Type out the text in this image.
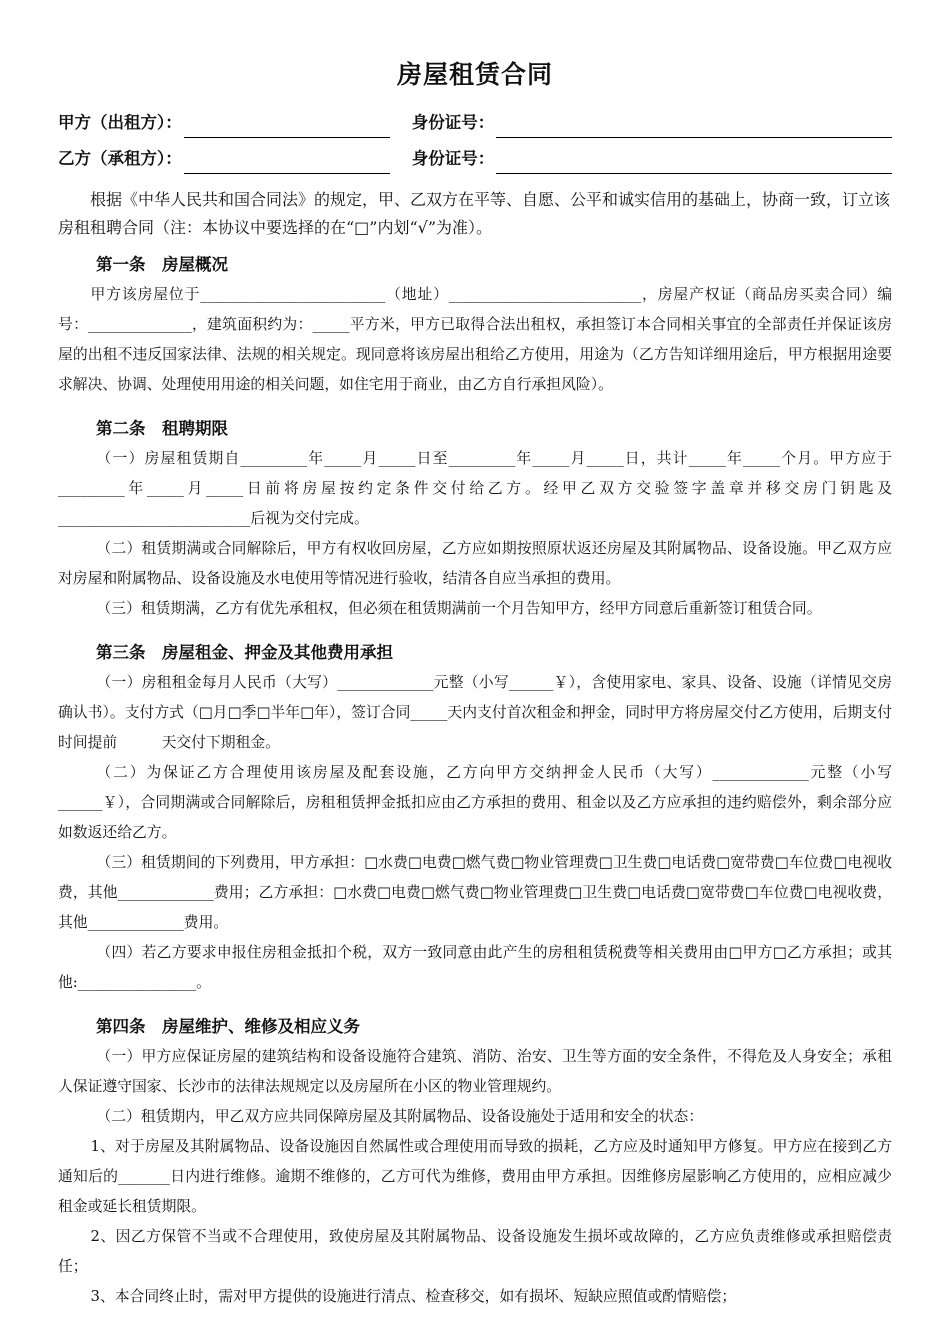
房屋租赁合同
甲方（出租方）：	身份证号：
乙方（承租方）：	身份证号：

根据《中华人民共和国合同法》的规定，甲、乙双方在平等、自愿、公平和诚实信用的基础上，协商一致，订立该房租租聘合同（注：本协议中要选择的在“□”内划“√”为准）。

第一条　房屋概况

甲方该房屋位于_________________________（地址）__________________________，房屋产权证（商品房买卖合同）编号：______________，建筑面积约为：_____平方米，甲方已取得合法出租权，承担签订本合同相关事宜的全部责任并保证该房屋的出租不违反国家法律、法规的相关规定。现同意将该房屋出租给乙方使用，用途为（乙方告知详细用途后，甲方根据用途要求解决、协调、处理使用用途的相关问题，如住宅用于商业，由乙方自行承担风险）。

第二条　租聘期限

（一）房屋租赁期自_________年_____月_____日至_________年_____月_____日，共计_____年_____个月。甲方应于_________年_____月_____日前将房屋按约定条件交付给乙方。经甲乙双方交验签字盖章并移交房门钥匙及__________________________后视为交付完成。

（二）租赁期满或合同解除后，甲方有权收回房屋，乙方应如期按照原状返还房屋及其附属物品、设备设施。甲乙双方应对房屋和附属物品、设备设施及水电使用等情况进行验收，结清各自应当承担的费用。

（三）租赁期满，乙方有优先承租权，但必须在租赁期满前一个月告知甲方，经甲方同意后重新签订租赁合同。

第三条　房屋租金、押金及其他费用承担

（一）房租租金每月人民币（大写）_____________元整（小写______￥），含使用家电、家具、设备、设施（详情见交房确认书）。支付方式（□月□季□半年□年），签订合同_____天内支付首次租金和押金，同时甲方将房屋交付乙方使用，后期支付时间提前　　　天交付下期租金。

（二）为保证乙方合理使用该房屋及配套设施，乙方向甲方交纳押金人民币（大写）_____________元整（小写______￥），合同期满或合同解除后，房租租赁押金抵扣应由乙方承担的费用、租金以及乙方应承担的违约赔偿外，剩余部分应如数返还给乙方。

（三）租赁期间的下列费用，甲方承担：□水费□电费□燃气费□物业管理费□卫生费□电话费□宽带费□车位费□电视收费，其他_____________费用；乙方承担：□水费□电费□燃气费□物业管理费□卫生费□电话费□宽带费□车位费□电视收费，其他_____________费用。

（四）若乙方要求申报住房租金抵扣个税，双方一致同意由此产生的房租租赁税费等相关费用由□甲方□乙方承担；或其他:________________。

第四条　房屋维护、维修及相应义务

（一）甲方应保证房屋的建筑结构和设备设施符合建筑、消防、治安、卫生等方面的安全条件，不得危及人身安全；承租人保证遵守国家、长沙市的法律法规规定以及房屋所在小区的物业管理规约。

（二）租赁期内，甲乙双方应共同保障房屋及其附属物品、设备设施处于适用和安全的状态：

1、对于房屋及其附属物品、设备设施因自然属性或合理使用而导致的损耗，乙方应及时通知甲方修复。甲方应在接到乙方通知后的_______日内进行维修。逾期不维修的，乙方可代为维修，费用由甲方承担。因维修房屋影响乙方使用的，应相应减少租金或延长租赁期限。

2、因乙方保管不当或不合理使用，致使房屋及其附属物品、设备设施发生损坏或故障的，乙方应负责维修或承担赔偿责任；

3、本合同终止时，需对甲方提供的设施进行清点、检查移交，如有损坏、短缺应照值或酌情赔偿；
